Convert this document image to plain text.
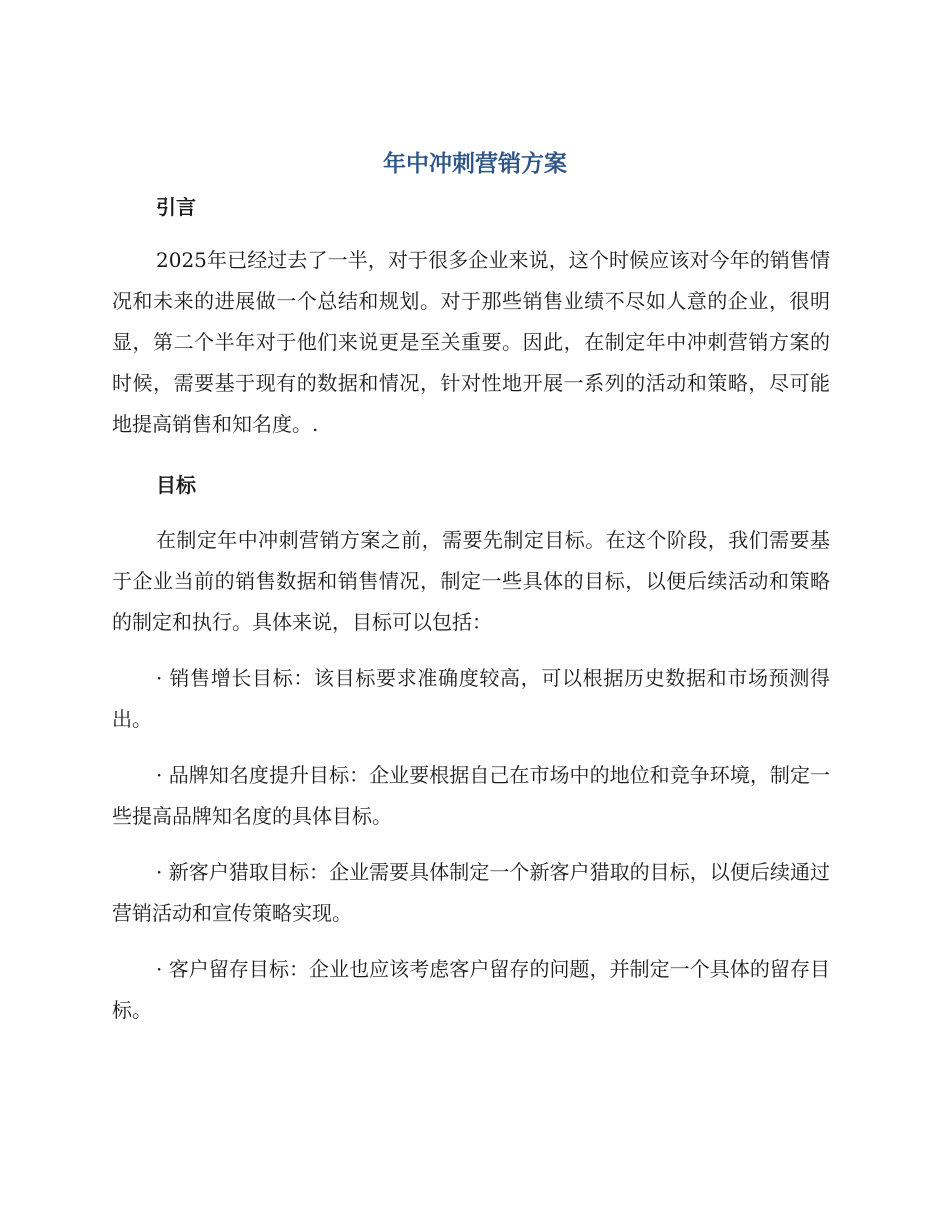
年中冲刺营销方案
引言

2025年已经过去了一半，对于很多企业来说，这个时候应该对今年的销售情况和未来的进展做一个总结和规划。对于那些销售业绩不尽如人意的企业，很明显，第二个半年对于他们来说更是至关重要。因此，在制定年中冲刺营销方案的时候，需要基于现有的数据和情况，针对性地开展一系列的活动和策略，尽可能地提高销售和知名度。.

目标

在制定年中冲刺营销方案之前，需要先制定目标。在这个阶段，我们需要基于企业当前的销售数据和销售情况，制定一些具体的目标，以便后续活动和策略的制定和执行。具体来说，目标可以包括：

· 销售增长目标：该目标要求准确度较高，可以根据历史数据和市场预测得出。

· 品牌知名度提升目标：企业要根据自己在市场中的地位和竞争环境，制定一些提高品牌知名度的具体目标。

· 新客户猎取目标：企业需要具体制定一个新客户猎取的目标，以便后续通过营销活动和宣传策略实现。

· 客户留存目标：企业也应该考虑客户留存的问题，并制定一个具体的留存目标。
